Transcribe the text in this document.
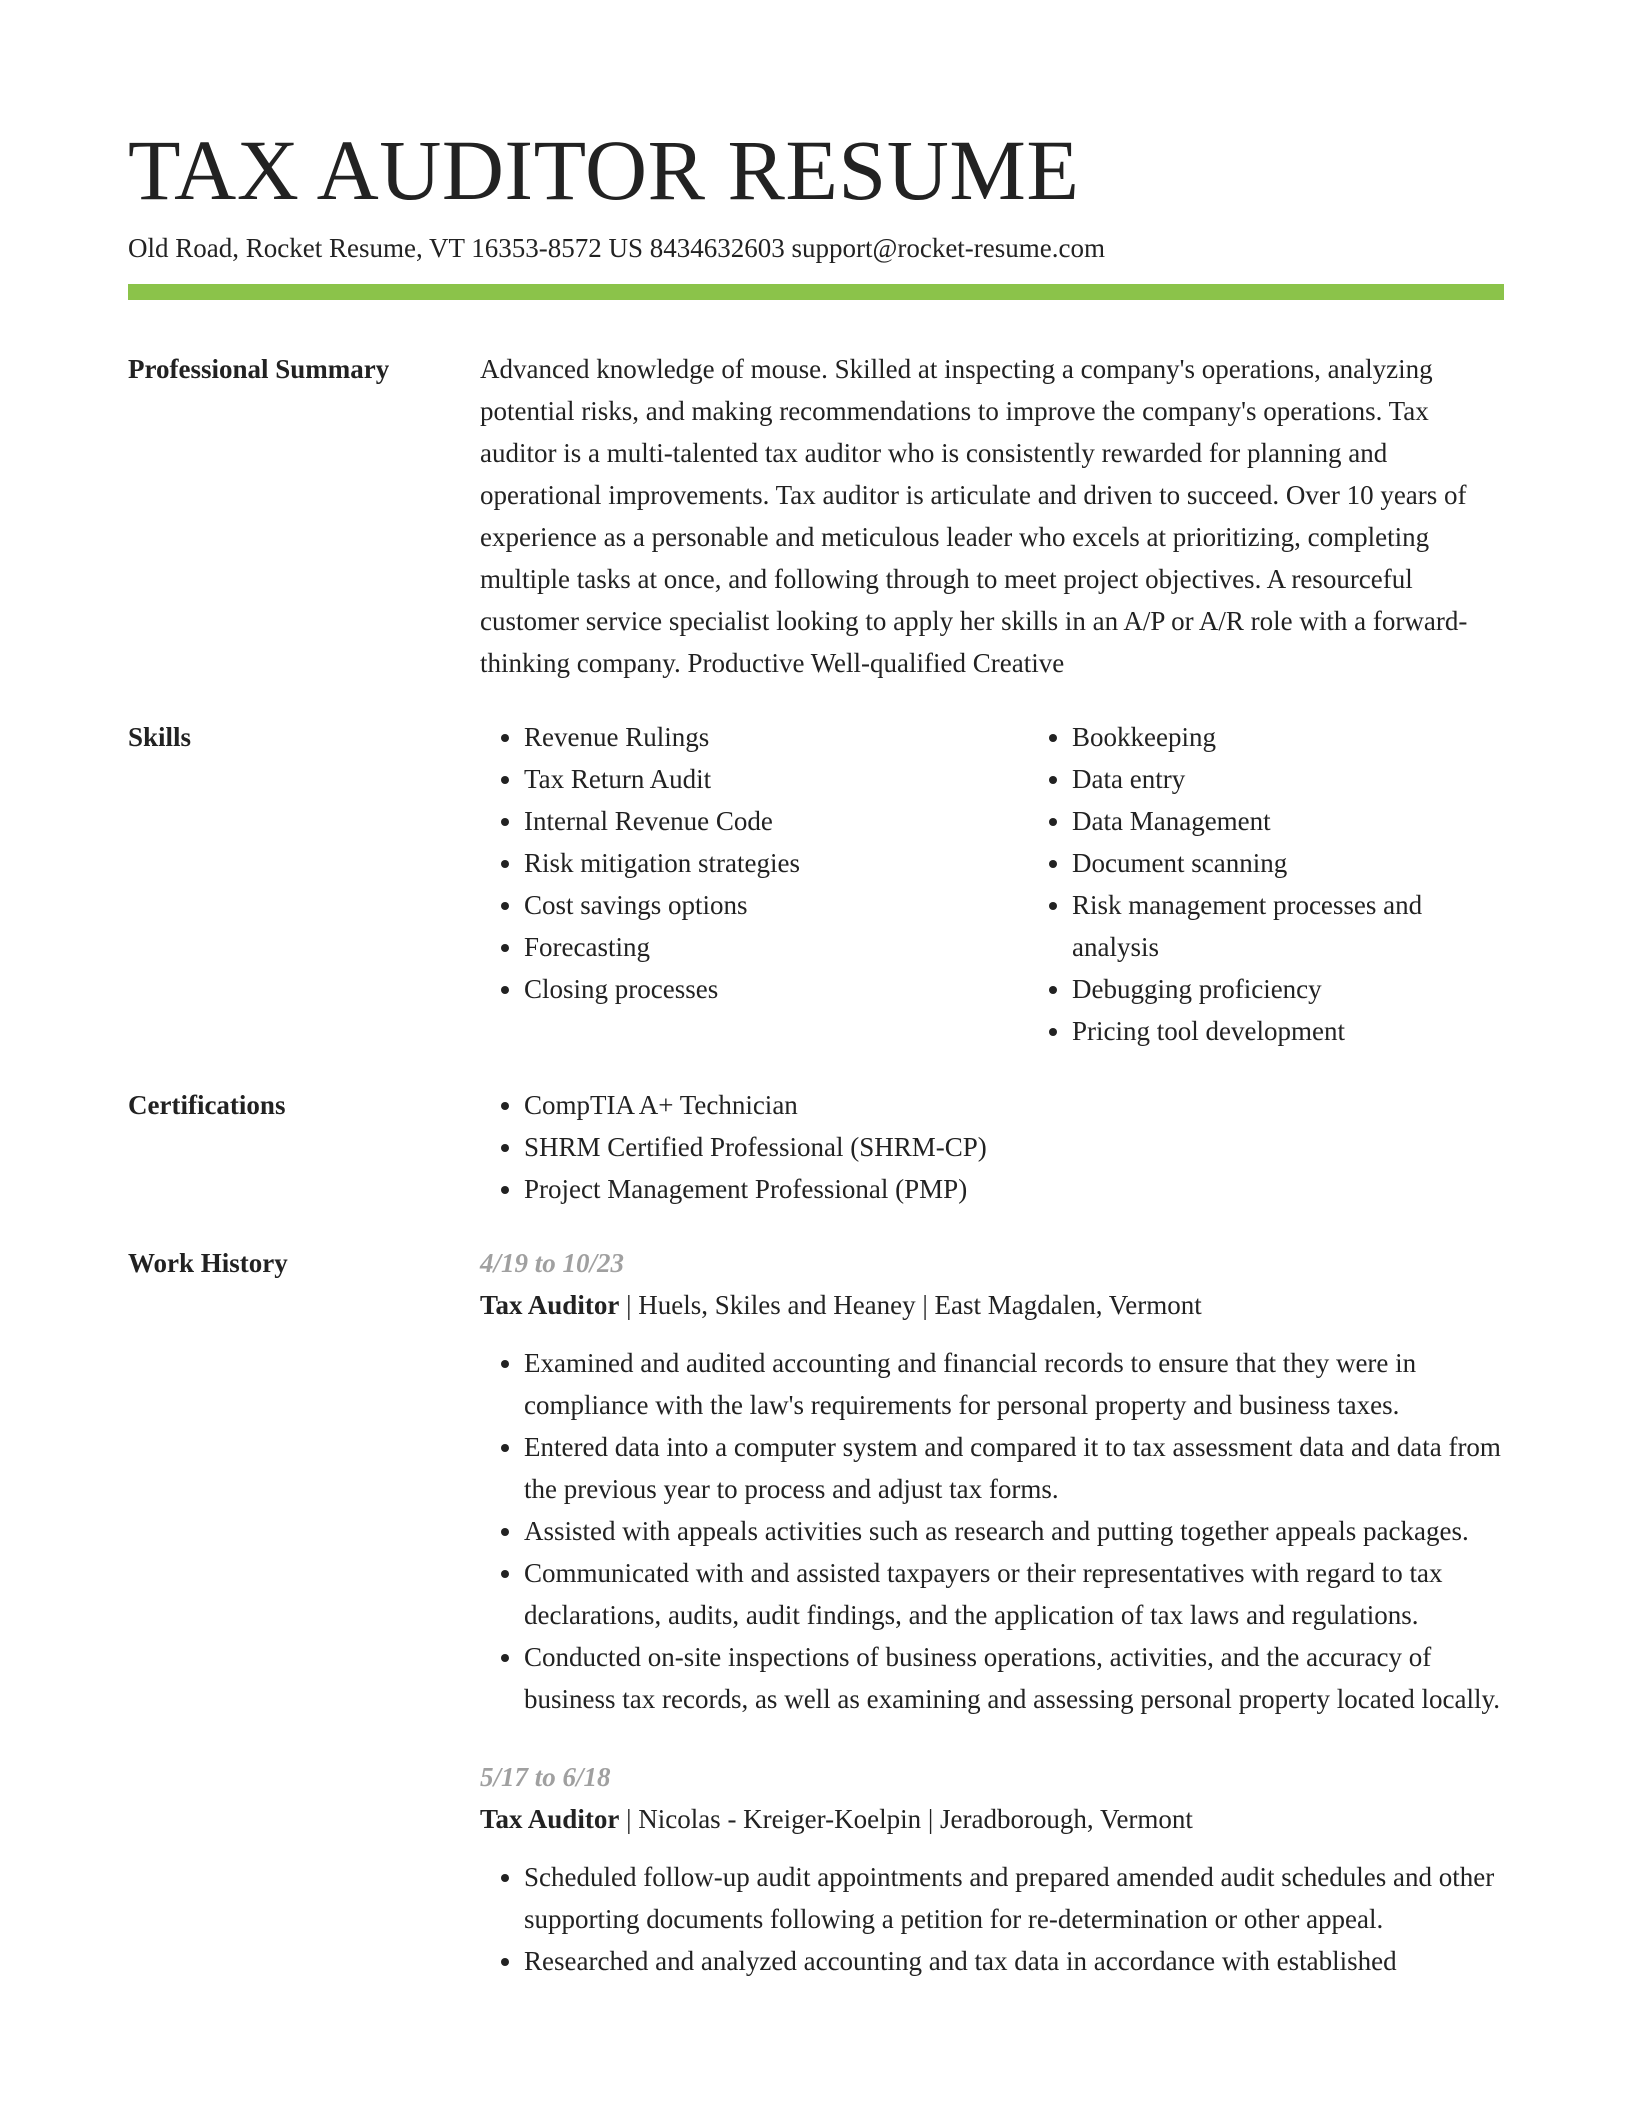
TAX AUDITOR RESUME
Old Road, Rocket Resume, VT 16353-8572 US 8434632603 support@rocket-resume.com
Professional Summary	Advanced knowledge of mouse. Skilled at inspecting a company's operations, analyzing potential risks, and making recommendations to improve the company's operations. Tax auditor is a multi-talented tax auditor who is consistently rewarded for planning and operational improvements. Tax auditor is articulate and driven to succeed. Over 10 years of experience as a personable and meticulous leader who excels at prioritizing, completing multiple tasks at once, and following through to meet project objectives. A resourceful customer service specialist looking to apply her skills in an A/P or A/R role with a forward-thinking company. Productive Well-qualified Creative
Skills	• Revenue Rulings
• Tax Return Audit
• Internal Revenue Code
• Risk mitigation strategies
• Cost savings options
• Forecasting
• Closing processes
• Bookkeeping
• Data entry
• Data Management
• Document scanning
• Risk management processes and analysis
• Debugging proficiency
• Pricing tool development
Certifications	• CompTIA A+ Technician
• SHRM Certified Professional (SHRM-CP)
• Project Management Professional (PMP)
Work History	4/19 to 10/23
Tax Auditor | Huels, Skiles and Heaney | East Magdalen, Vermont
• Examined and audited accounting and financial records to ensure that they were in compliance with the law's requirements for personal property and business taxes.
• Entered data into a computer system and compared it to tax assessment data and data from the previous year to process and adjust tax forms.
• Assisted with appeals activities such as research and putting together appeals packages.
• Communicated with and assisted taxpayers or their representatives with regard to tax declarations, audits, audit findings, and the application of tax laws and regulations.
• Conducted on-site inspections of business operations, activities, and the accuracy of business tax records, as well as examining and assessing personal property located locally.
5/17 to 6/18
Tax Auditor | Nicolas - Kreiger-Koelpin | Jeradborough, Vermont
• Scheduled follow-up audit appointments and prepared amended audit schedules and other supporting documents following a petition for re-determination or other appeal.
• Researched and analyzed accounting and tax data in accordance with established
